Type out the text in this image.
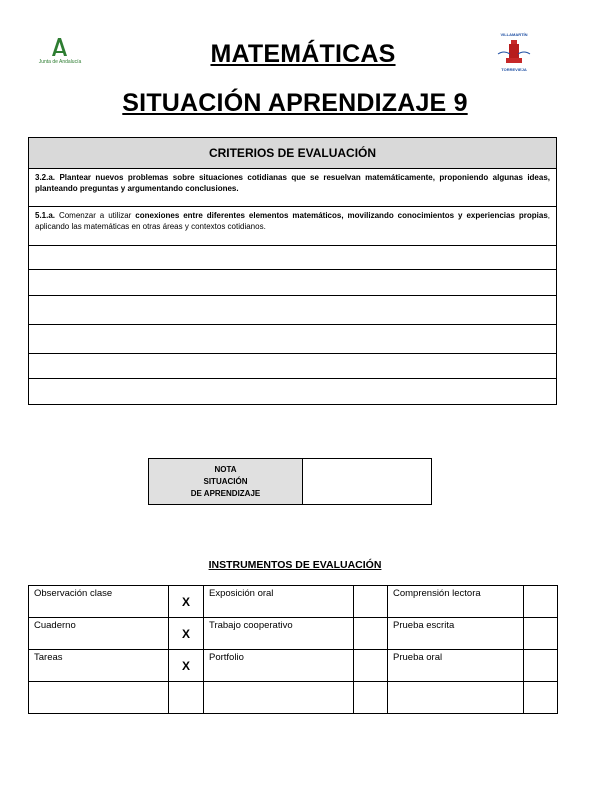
Junta de Andalucía
VILLAMARTÍN
C.E.I.P.
TORREVIEJA
MATEMÁTICAS
SITUACIÓN APRENDIZAJE 9
CRITERIOS DE EVALUACIÓN
3.2.a. Plantear nuevos problemas sobre situaciones cotidianas que se resuelvan matemáticamente, proponiendo algunas ideas, planteando preguntas y argumentando conclusiones.
5.1.a. Comenzar a utilizar conexiones entre diferentes elementos matemáticos, movilizando conocimientos y experiencias propias, aplicando las matemáticas en otras áreas y contextos cotidianos.

NOTA
SITUACIÓN
DE APRENDIZAJE

INSTRUMENTOS DE EVALUACIÓN
Observación clase	X	Exposición oral		Comprensión lectora	
Cuaderno	X	Trabajo cooperativo		Prueba escrita	
Tareas	X	Portfolio		Prueba oral	
